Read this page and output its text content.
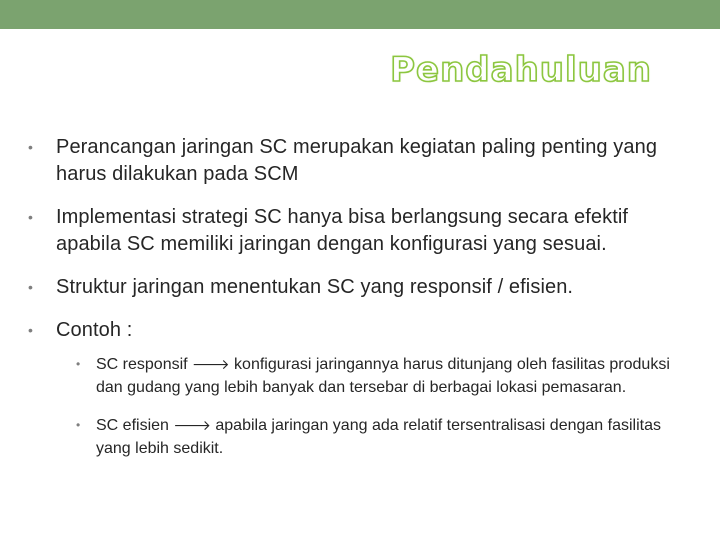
Pendahuluan
• Perancangan jaringan SC merupakan kegiatan paling penting yang harus dilakukan pada SCM
• Implementasi strategi SC hanya bisa berlangsung secara efektif apabila SC memiliki jaringan dengan konfigurasi yang sesuai.
• Struktur jaringan menentukan SC yang responsif / efisien.
• Contoh :
• SC responsif 🡒 konfigurasi jaringannya harus ditunjang oleh fasilitas produksi dan gudang yang lebih banyak dan tersebar di berbagai lokasi pemasaran.
• SC efisien 🡒 apabila jaringan yang ada relatif tersentralisasi dengan fasilitas yang lebih sedikit.
